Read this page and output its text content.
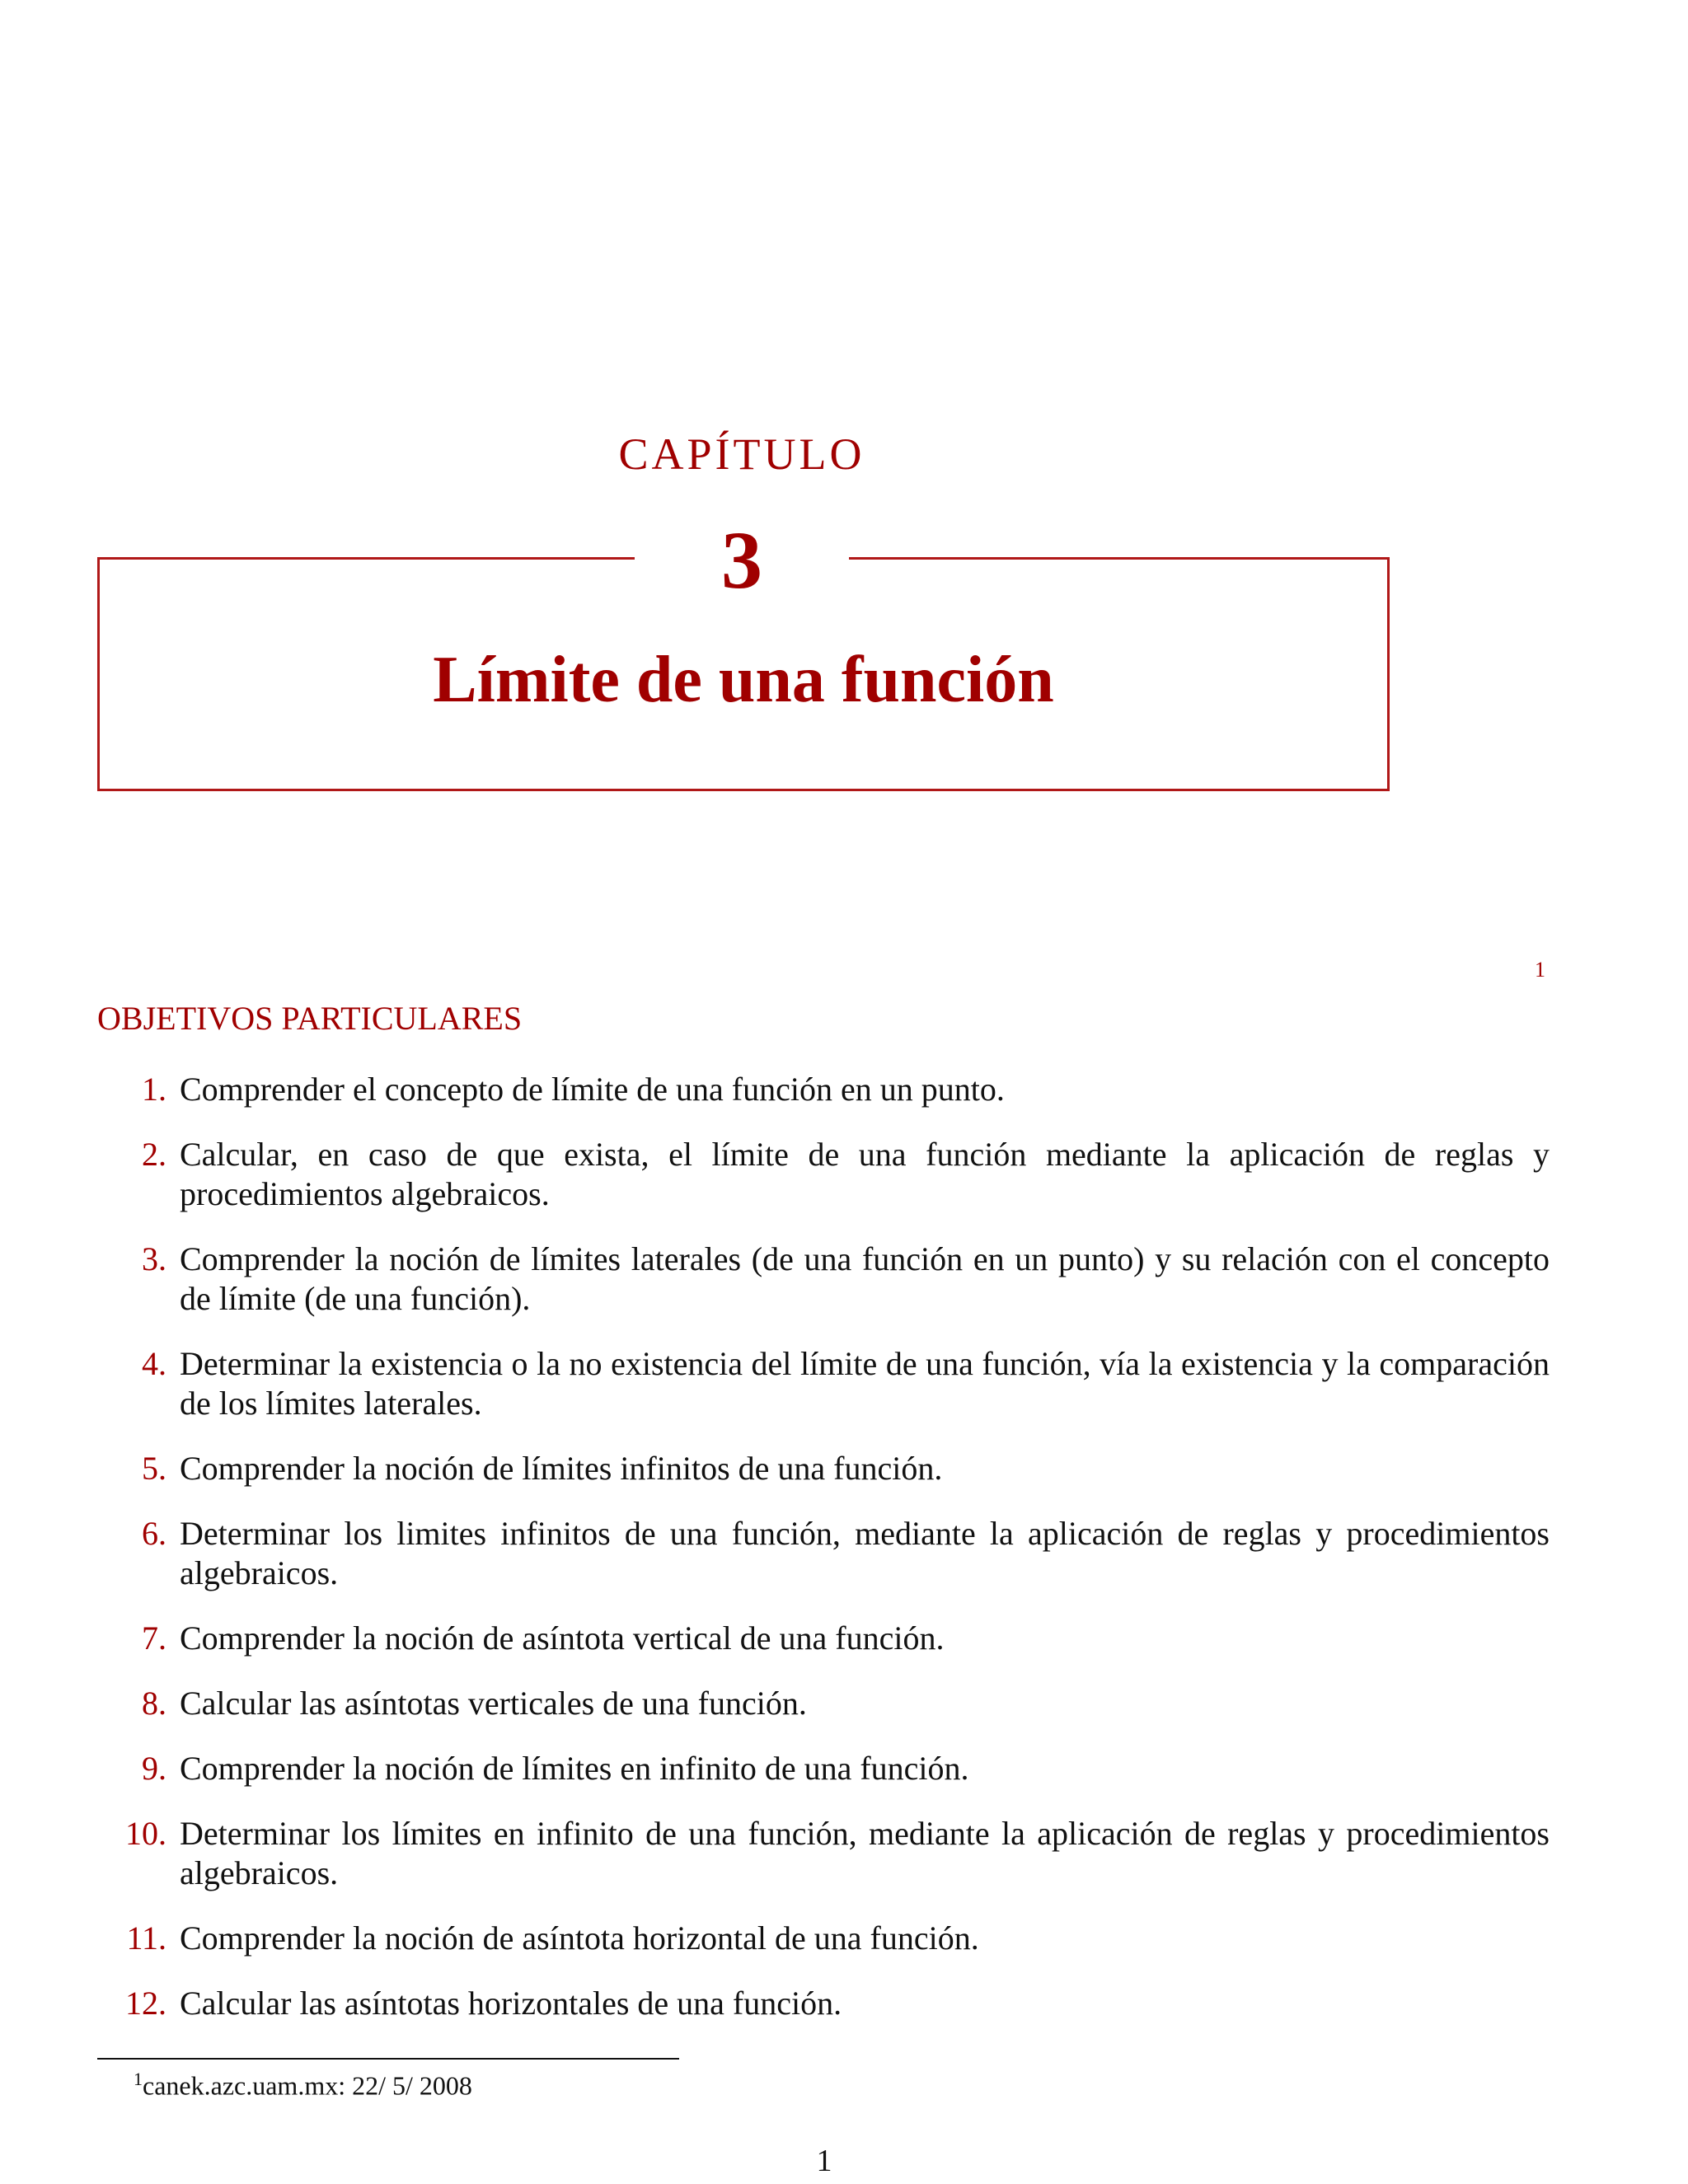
CAPÍTULO
3
Límite de una función
1
OBJETIVOS PARTICULARES
1. Comprender el concepto de límite de una función en un punto.
2. Calcular, en caso de que exista, el límite de una función mediante la aplicación de reglas y procedimientos algebraicos.
3. Comprender la noción de límites laterales (de una función en un punto) y su relación con el concepto de límite (de una función).
4. Determinar la existencia o la no existencia del límite de una función, vía la existencia y la comparación de los límites laterales.
5. Comprender la noción de límites infinitos de una función.
6. Determinar los limites infinitos de una función, mediante la aplicación de reglas y procedimientos algebraicos.
7. Comprender la noción de asíntota vertical de una función.
8. Calcular las asíntotas verticales de una función.
9. Comprender la noción de límites en infinito de una función.
10. Determinar los límites en infinito de una función, mediante la aplicación de reglas y procedimientos algebraicos.
11. Comprender la noción de asíntota horizontal de una función.
12. Calcular las asíntotas horizontales de una función.
$^1$canek.azc.uam.mx: 22/ 5/ 2008
1
